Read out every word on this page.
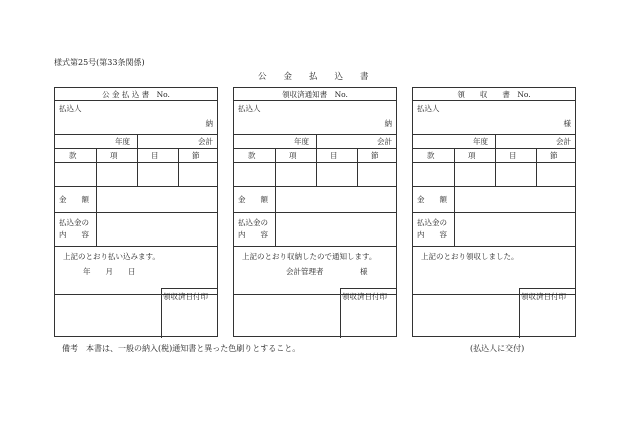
様式第25号(第33条関係)
公　　金　　払　　込　　書
公 金 払 込 書　No.
払込人
納
年度	会計
款	項	目	節
金　　額
払込金の
内　　容
上記のとおり払い込みます。
年　　月　　日
領収済日付印
領収済通知書　No.
払込人
納
年度	会計
款	項	目	節
金　　額
払込金の
内　　容
上記のとおり収納したので通知します。
会計管理者	様
領収済日付印
領　　収　　書　No.
払込人
様
年度	会計
款	項	目	節
金　　額
払込金の
内　　容
上記のとおり領収しました。
領収済日付印
備考 本書は、一般の納入(税)通知書と異った色刷りとすること。	(払込人に交付)
